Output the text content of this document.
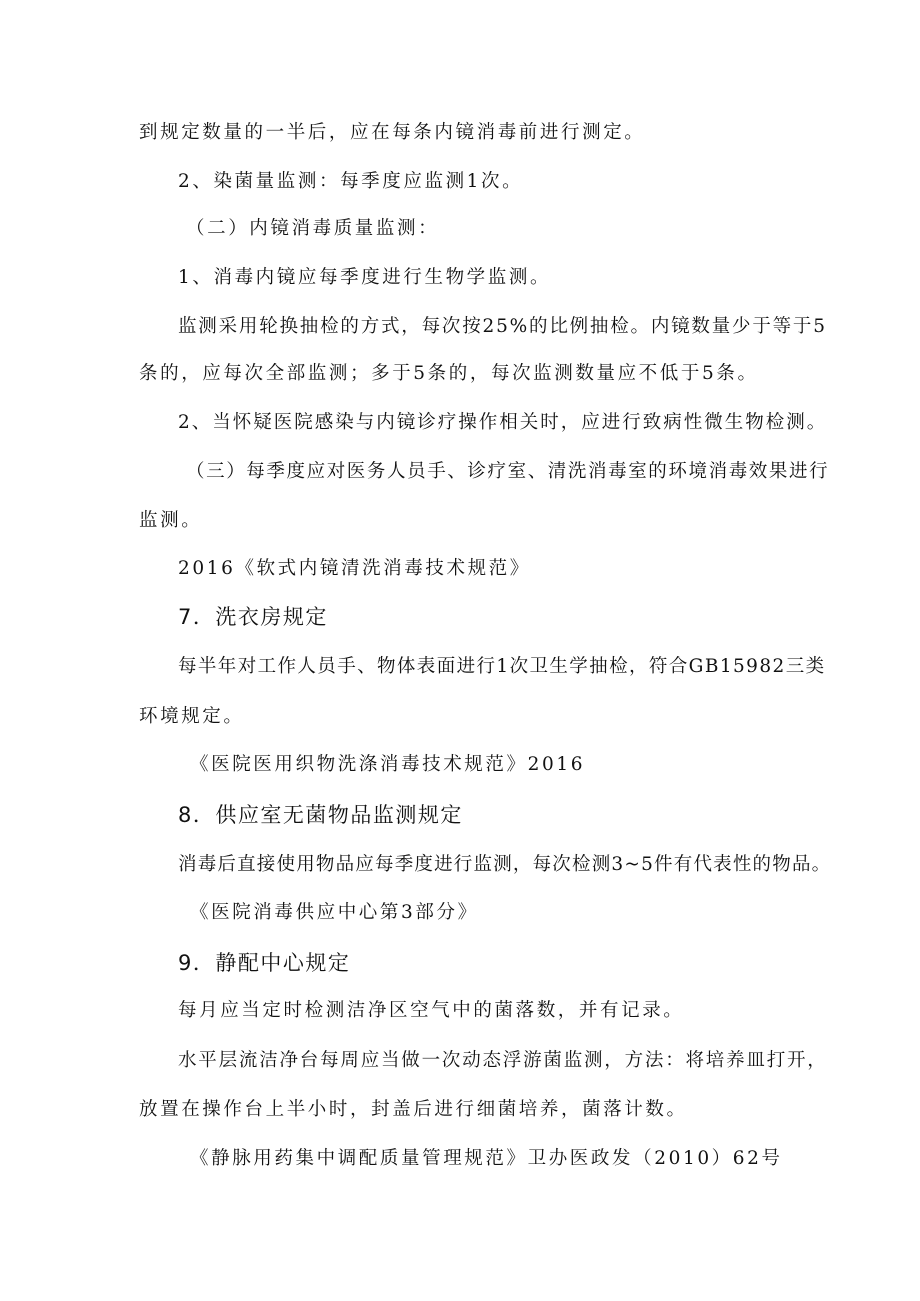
到规定数量的一半后，应在每条内镜消毒前进行测定。

2、染菌量监测：每季度应监测1次。

（二）内镜消毒质量监测：

1、消毒内镜应每季度进行生物学监测。

监测采用轮换抽检的方式，每次按25%的比例抽检。内镜数量少于等于5

条的，应每次全部监测；多于5条的，每次监测数量应不低于5条。

2、当怀疑医院感染与内镜诊疗操作相关时，应进行致病性微生物检测。

（三）每季度应对医务人员手、诊疗室、清洗消毒室的环境消毒效果进行

监测。

2016《软式内镜清洗消毒技术规范》

7．洗衣房规定

每半年对工作人员手、物体表面进行1次卫生学抽检，符合GB15982三类

环境规定。

《医院医用织物洗涤消毒技术规范》2016

8．供应室无菌物品监测规定

消毒后直接使用物品应每季度进行监测，每次检测3~5件有代表性的物品。

《医院消毒供应中心第3部分》

9．静配中心规定

每月应当定时检测洁净区空气中的菌落数，并有记录。

水平层流洁净台每周应当做一次动态浮游菌监测，方法：将培养皿打开，

放置在操作台上半小时，封盖后进行细菌培养，菌落计数。

《静脉用药集中调配质量管理规范》卫办医政发（2010）62号
